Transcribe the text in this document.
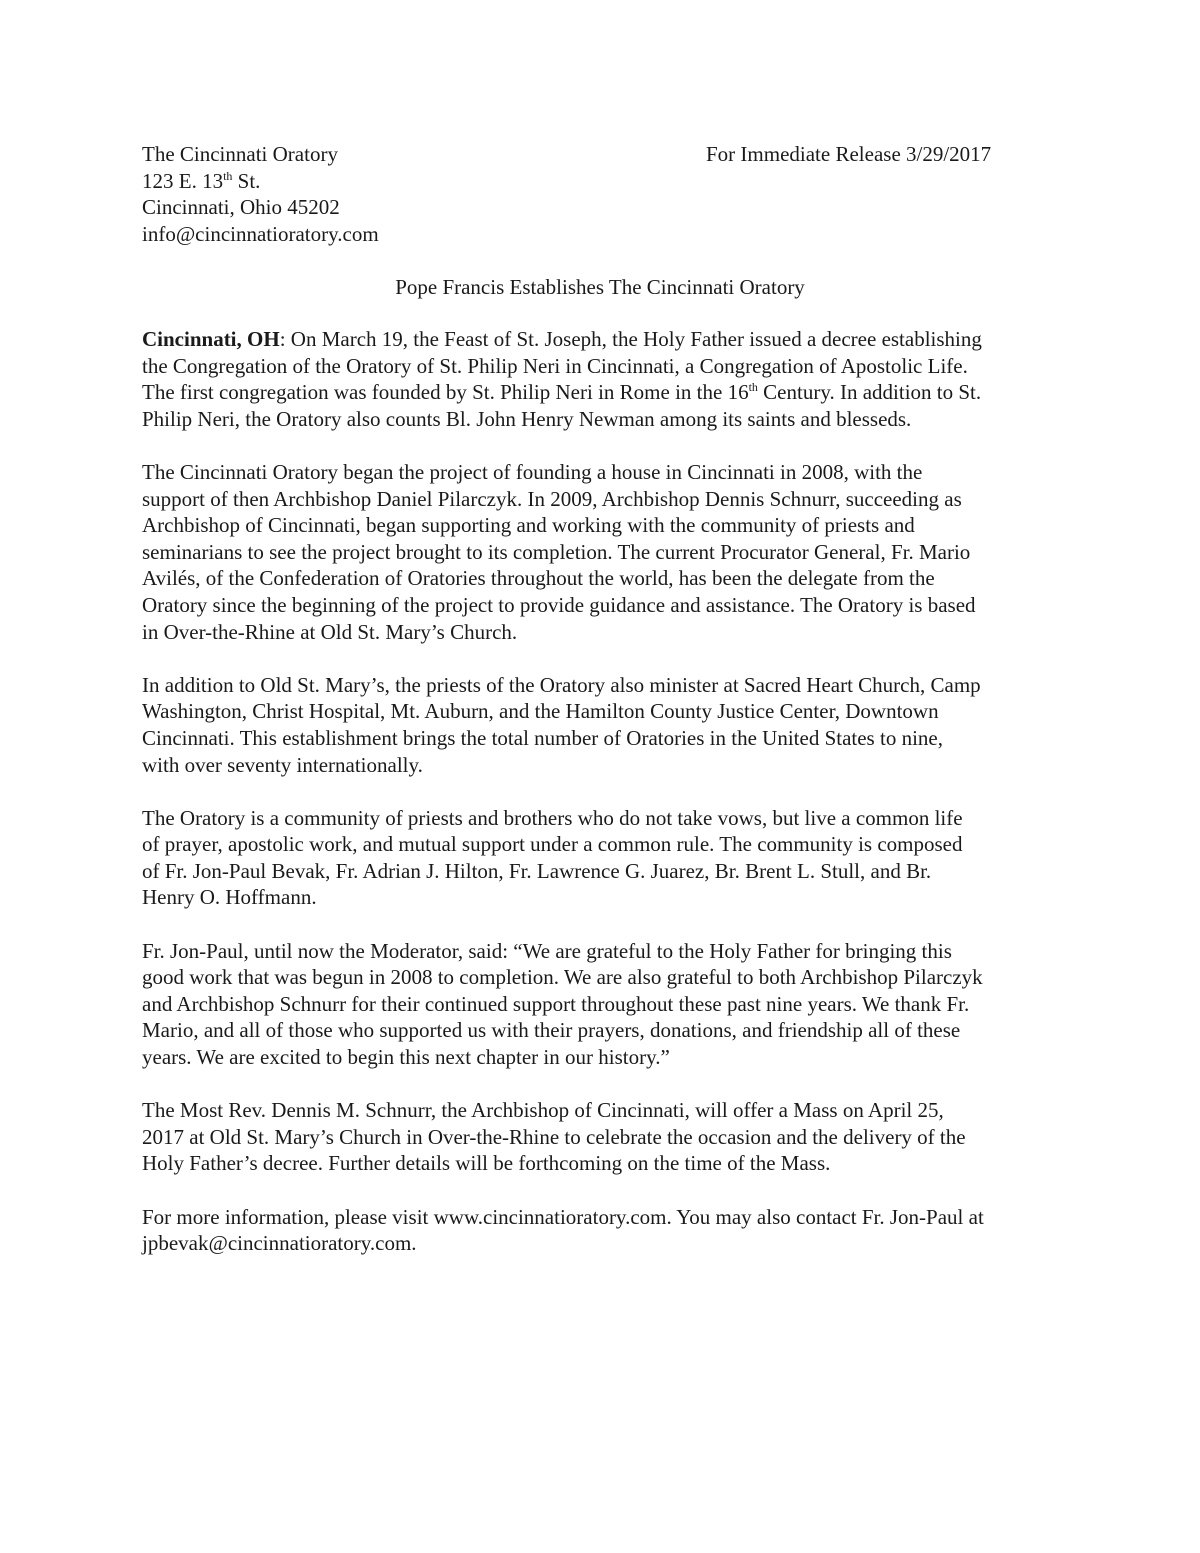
The Cincinnati Oratory
123 E. 13th St.
Cincinnati, Ohio 45202
info@cincinnatioratory.com
For Immediate Release 3/29/2017
Pope Francis Establishes The Cincinnati Oratory
Cincinnati, OH: On March 19, the Feast of St. Joseph, the Holy Father issued a decree establishing
the Congregation of the Oratory of St. Philip Neri in Cincinnati, a Congregation of Apostolic Life.
The first congregation was founded by St. Philip Neri in Rome in the 16th Century. In addition to St.
Philip Neri, the Oratory also counts Bl. John Henry Newman among its saints and blesseds.
The Cincinnati Oratory began the project of founding a house in Cincinnati in 2008, with the
support of then Archbishop Daniel Pilarczyk. In 2009, Archbishop Dennis Schnurr, succeeding as
Archbishop of Cincinnati, began supporting and working with the community of priests and
seminarians to see the project brought to its completion. The current Procurator General, Fr. Mario
Avilés, of the Confederation of Oratories throughout the world, has been the delegate from the
Oratory since the beginning of the project to provide guidance and assistance. The Oratory is based
in Over-the-Rhine at Old St. Mary’s Church.
In addition to Old St. Mary’s, the priests of the Oratory also minister at Sacred Heart Church, Camp
Washington, Christ Hospital, Mt. Auburn, and the Hamilton County Justice Center, Downtown
Cincinnati. This establishment brings the total number of Oratories in the United States to nine,
with over seventy internationally.
The Oratory is a community of priests and brothers who do not take vows, but live a common life
of prayer, apostolic work, and mutual support under a common rule. The community is composed
of Fr. Jon-Paul Bevak, Fr. Adrian J. Hilton, Fr. Lawrence G. Juarez, Br. Brent L. Stull, and Br.
Henry O. Hoffmann.
Fr. Jon-Paul, until now the Moderator, said: “We are grateful to the Holy Father for bringing this
good work that was begun in 2008 to completion. We are also grateful to both Archbishop Pilarczyk
and Archbishop Schnurr for their continued support throughout these past nine years. We thank Fr.
Mario, and all of those who supported us with their prayers, donations, and friendship all of these
years. We are excited to begin this next chapter in our history.”
The Most Rev. Dennis M. Schnurr, the Archbishop of Cincinnati, will offer a Mass on April 25,
2017 at Old St. Mary’s Church in Over-the-Rhine to celebrate the occasion and the delivery of the
Holy Father’s decree. Further details will be forthcoming on the time of the Mass.
For more information, please visit www.cincinnatioratory.com. You may also contact Fr. Jon-Paul at
jpbevak@cincinnatioratory.com.
